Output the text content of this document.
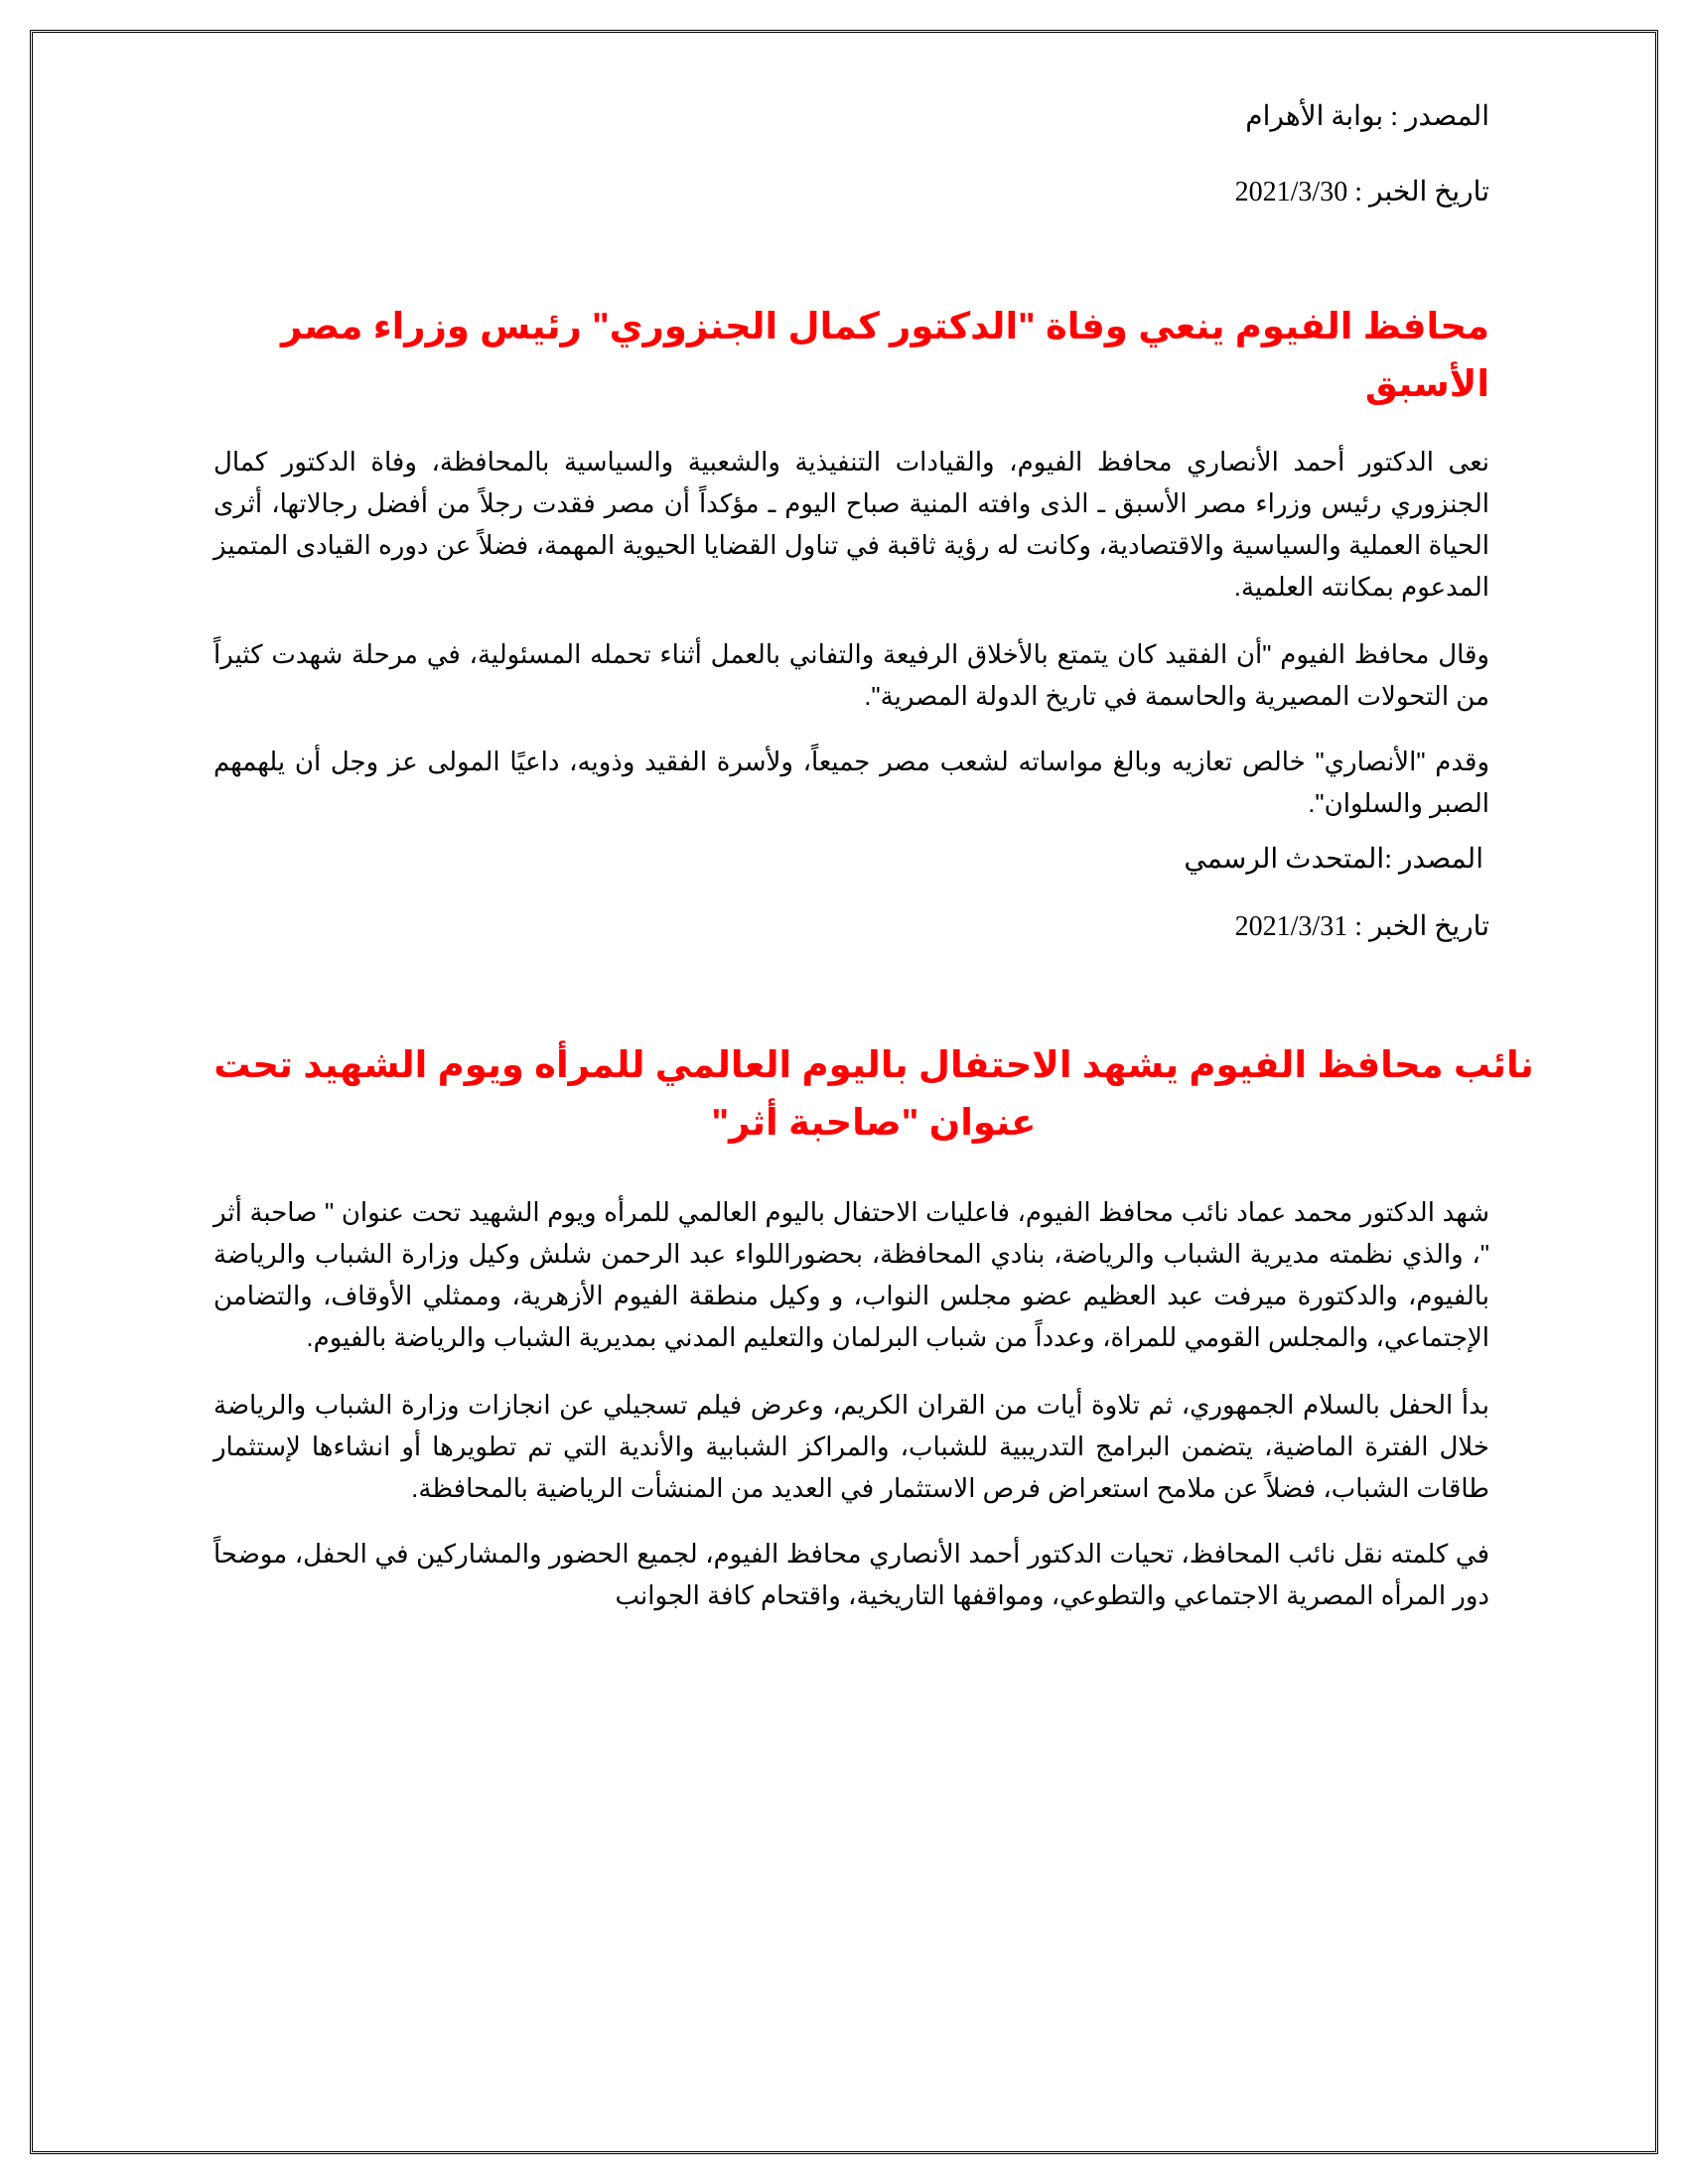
المصدر : بوابة الأهرام

تاريخ الخبر : 2021/3/30

محافظ الفيوم ينعي وفاة "الدكتور كمال الجنزوري" رئيس وزراء مصر الأسبق

نعى الدكتور أحمد الأنصاري محافظ الفيوم، والقيادات التنفيذية والشعبية والسياسية بالمحافظة، وفاة الدكتور كمال الجنزوري رئيس وزراء مصر الأسبق ـ الذى وافته المنية صباح اليوم ـ مؤكداً أن مصر فقدت رجلاً من أفضل رجالاتها، أثرى الحياة العملية والسياسية والاقتصادية، وكانت له رؤية ثاقبة في تناول القضايا الحيوية المهمة، فضلاً عن دوره القيادى المتميز المدعوم بمكانته العلمية.

وقال محافظ الفيوم "أن الفقيد كان يتمتع بالأخلاق الرفيعة والتفاني بالعمل أثناء تحمله المسئولية، في مرحلة شهدت كثيراً من التحولات المصيرية والحاسمة في تاريخ الدولة المصرية".

وقدم "الأنصاري" خالص تعازيه وبالغ مواساته لشعب مصر جميعاً، ولأسرة الفقيد وذويه، داعيًا المولى عز وجل أن يلهمهم الصبر والسلوان".

المصدر :المتحدث الرسمي

تاريخ الخبر : 2021/3/31

نائب محافظ الفيوم يشهد الاحتفال باليوم العالمي للمرأه ويوم الشهيد تحت عنوان "صاحبة أثر"

شهد الدكتور محمد عماد نائب محافظ الفيوم، فاعليات الاحتفال باليوم العالمي للمرأه ويوم الشهيد تحت عنوان " صاحبة أثر "، والذي نظمته مديرية الشباب والرياضة، بنادي المحافظة، بحضوراللواء عبد الرحمن شلش وكيل وزارة الشباب والرياضة بالفيوم، والدكتورة ميرفت عبد العظيم عضو مجلس النواب، و وكيل منطقة الفيوم الأزهرية، وممثلي الأوقاف، والتضامن الإجتماعي، والمجلس القومي للمراة، وعدداً من شباب البرلمان والتعليم المدني بمديرية الشباب والرياضة بالفيوم.

بدأ الحفل بالسلام الجمهوري، ثم تلاوة أيات من القران الكريم، وعرض فيلم تسجيلي عن انجازات وزارة الشباب والرياضة خلال الفترة الماضية، يتضمن البرامج التدريبية للشباب، والمراكز الشبابية والأندية التي تم تطويرها أو انشاءها لإستثمار طاقات الشباب، فضلاً عن ملامح استعراض فرص الاستثمار في العديد من المنشأت الرياضية بالمحافظة.

في كلمته نقل نائب المحافظ، تحيات الدكتور أحمد الأنصاري محافظ الفيوم، لجميع الحضور والمشاركين في الحفل، موضحاً دور المرأه المصرية الاجتماعي والتطوعي، ومواقفها التاريخية، واقتحام كافة الجوانب
